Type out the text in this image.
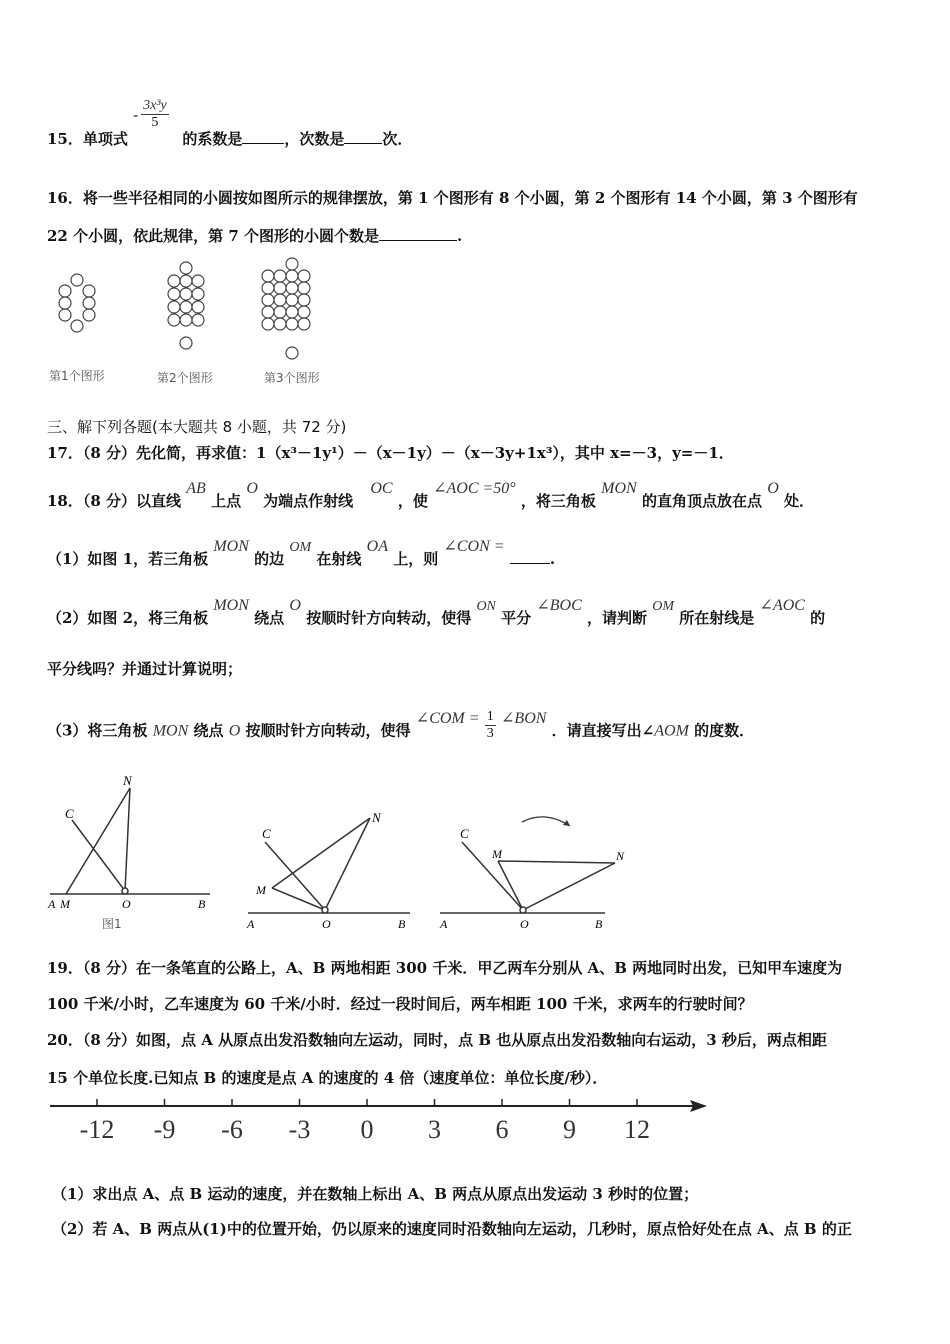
15．单项式
- $\frac{\text{3x³y}}{5}$
的系数是	，次数是	次．
16．将一些半径相同的小圆按如图所示的规律摆放，第 1 个图形有 8 个小圆，第 2 个图形有 14 个小圆，第 3 个图形有
22 个小圆，依此规律，第 7 个图形的小圆个数是	.
第1个图形	第2个图形	第3个图形
三、解下列各题(本大题共 8 小题，共 72 分)
17．（8 分）先化简，再求值：1（x³－1y¹）－（x－1y）－（x－3y+1x³），其中 x=－3，y=－1．
18．（8 分）以直线 AB 上点 O 为端点作射线 OC ，使 ∠AOC =50° ，将三角板 MON 的直角顶点放在点 O 处．
（1）如图 1，若三角板 MON 的边 OM 在射线 OA 上，则 ∠CON = .
（2）如图 2，将三角板 MON 绕点 O 按顺时针方向转动，使得 ON 平分 ∠BOC ，请判断 OM 所在射线是 ∠AOC 的
平分线吗？并通过计算说明；
（3）将三角板 MON 绕点 O 按顺时针方向转动，使得 ∠COM = $\frac{1}{3}$ ∠BON ．请直接写出∠AOM 的度数．
C
N
A M	O	B
图1
C
N
M
A	O	B
C
M	N
A	O	B
19．（8 分）在一条笔直的公路上，A、B 两地相距 300 千米．甲乙两车分别从 A、B 两地同时出发，已知甲车速度为
100 千米/小时，乙车速度为 60 千米/小时．经过一段时间后，两车相距 100 千米，求两车的行驶时间？
20．（8 分）如图，点 A 从原点出发沿数轴向左运动，同时，点 B 也从原点出发沿数轴向右运动，3 秒后，两点相距
15 个单位长度.已知点 B 的速度是点 A 的速度的 4 倍（速度单位：单位长度/秒）．
-12 -9 -6 -3 0 3 6 9 12
（1）求出点 A、点 B 运动的速度，并在数轴上标出 A、B 两点从原点出发运动 3 秒时的位置；
（2）若 A、B 两点从(1)中的位置开始，仍以原来的速度同时沿数轴向左运动，几秒时，原点恰好处在点 A、点 B 的正
